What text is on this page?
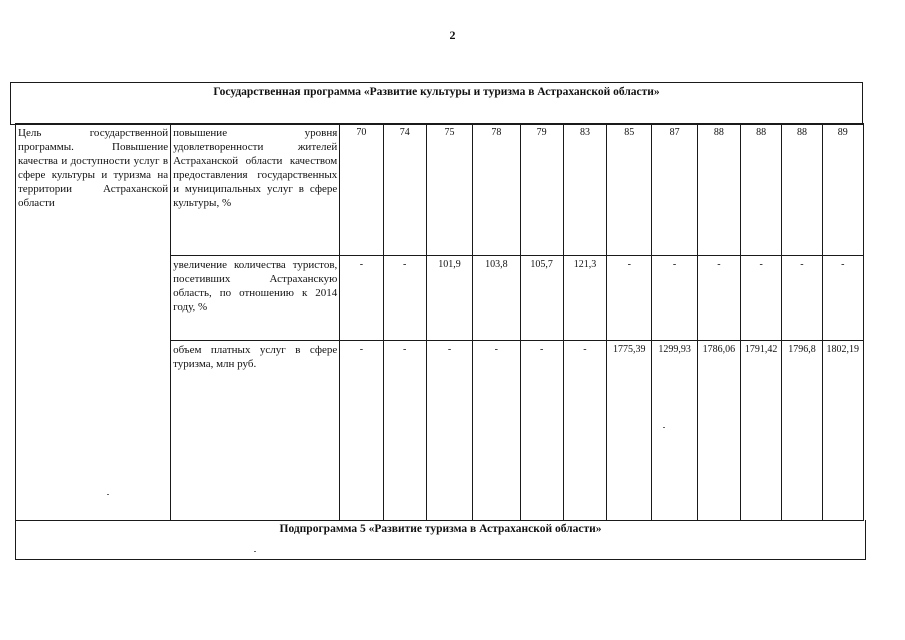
2
Государственная программа «Развитие культуры и туризма в Астраханской области»
Цель государственной программы. Повышение качества и доступности услуг в сфере культуры и туризма на территории Астраханской области	повышение уровня удовлетворенности жителей Астраханской области качеством предоставления государственных и муниципальных услуг в сфере культуры, %	70	74	75	78	79	83	85	87	88	88	88	89
	увеличение количества туристов, посетивших Астраханскую область, по отношению к 2014 году, %	-	-	101,9	103,8	105,7	121,3	-	-	-	-	-	-
	объем платных услуг в сфере туризма, млн руб.	-	-	-	-	-	-	1775,39	1299,93	1786,06	1791,42	1796,8	1802,19
Подпрограмма 5 «Развитие туризма в Астраханской области»
